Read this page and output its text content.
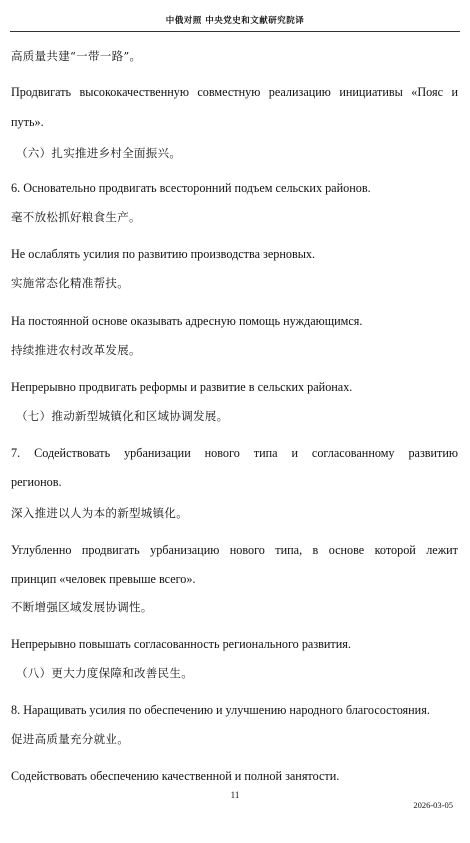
中俄对照 中央党史和文献研究院译
高质量共建“一带一路”。
Продвигать высококачественную совместную реализацию инициативы «Пояс и
путь».
（六）扎实推进乡村全面振兴。
6. Основательно продвигать всесторонний подъем сельских районов.
毫不放松抓好粮食生产。
Не ослаблять усилия по развитию производства зерновых.
实施常态化精准帮扶。
На постоянной основе оказывать адресную помощь нуждающимся.
持续推进农村改革发展。
Непрерывно продвигать реформы и развитие в сельских районах.
（七）推动新型城镇化和区域协调发展。
7. Содействовать урбанизации нового типа и согласованному развитию
регионов.
深入推进以人为本的新型城镇化。
Углубленно продвигать урбанизацию нового типа, в основе которой лежит
принцип «человек превыше всего».
不断增强区域发展协调性。
Непрерывно повышать согласованность регионального развития.
（八）更大力度保障和改善民生。
8. Наращивать усилия по обеспечению и улучшению народного благосостояния.
促进高质量充分就业。
Содействовать обеспечению качественной и полной занятости.
11
2026-03-05
